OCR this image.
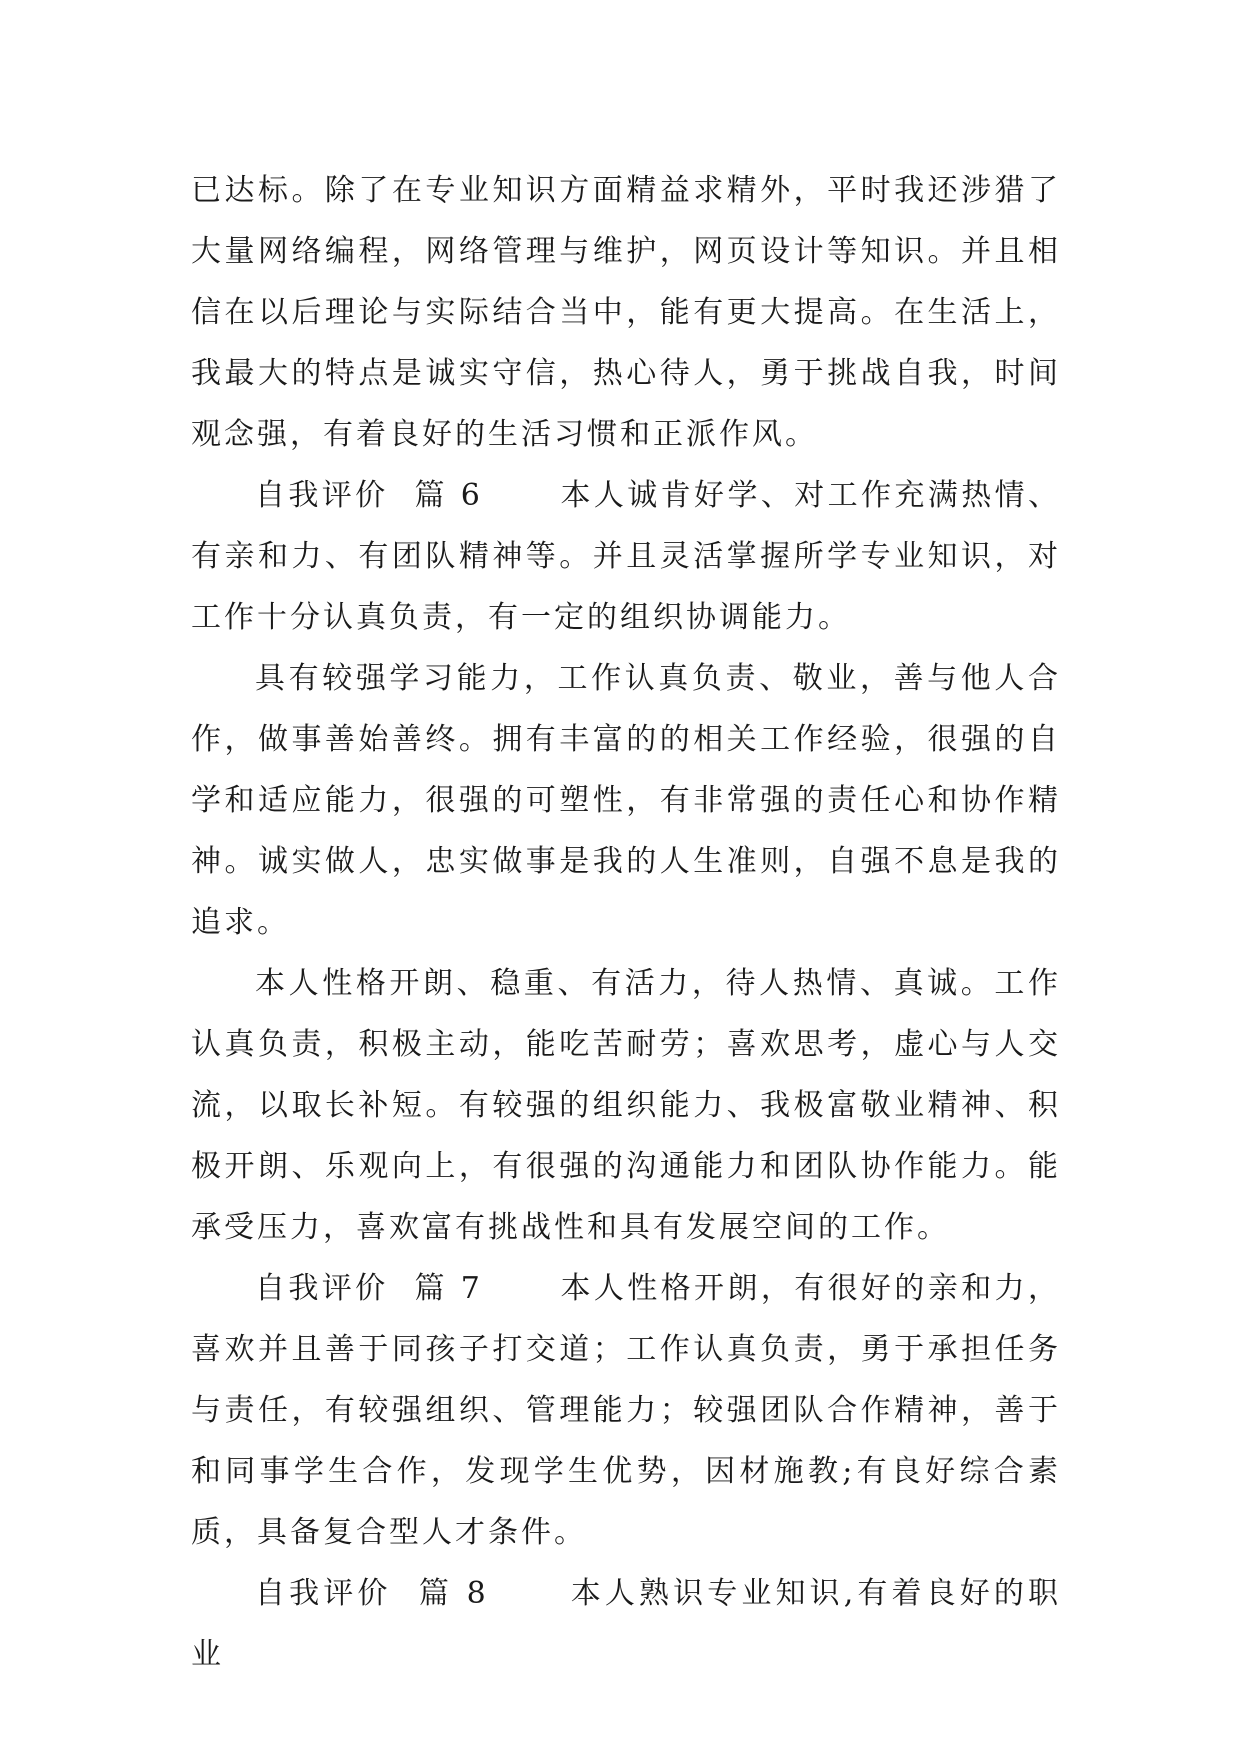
已达标。除了在专业知识方面精益求精外，平时我还涉猎了大量网络编程，网络管理与维护，网页设计等知识。并且相信在以后理论与实际结合当中，能有更大提高。在生活上，我最大的特点是诚实守信，热心待人，勇于挑战自我，时间观念强，有着良好的生活习惯和正派作风。

自我评价  篇 6	本人诚肯好学、对工作充满热情、有亲和力、有团队精神等。并且灵活掌握所学专业知识，对工作十分认真负责，有一定的组织协调能力。

具有较强学习能力，工作认真负责、敬业，善与他人合作，做事善始善终。拥有丰富的的相关工作经验，很强的自学和适应能力，很强的可塑性，有非常强的责任心和协作精神。诚实做人，忠实做事是我的人生准则，自强不息是我的追求。

本人性格开朗、稳重、有活力，待人热情、真诚。工作认真负责，积极主动，能吃苦耐劳；喜欢思考，虚心与人交流，以取长补短。有较强的组织能力、我极富敬业精神、积极开朗、乐观向上，有很强的沟通能力和团队协作能力。能承受压力，喜欢富有挑战性和具有发展空间的工作。

自我评价  篇 7	本人性格开朗，有很好的亲和力，喜欢并且善于同孩子打交道；工作认真负责，勇于承担任务与责任，有较强组织、管理能力；较强团队合作精神，善于和同事学生合作，发现学生优势，因材施教;有良好综合素质，具备复合型人才条件。

自我评价  篇 8	本人熟识专业知识,有着良好的职业
